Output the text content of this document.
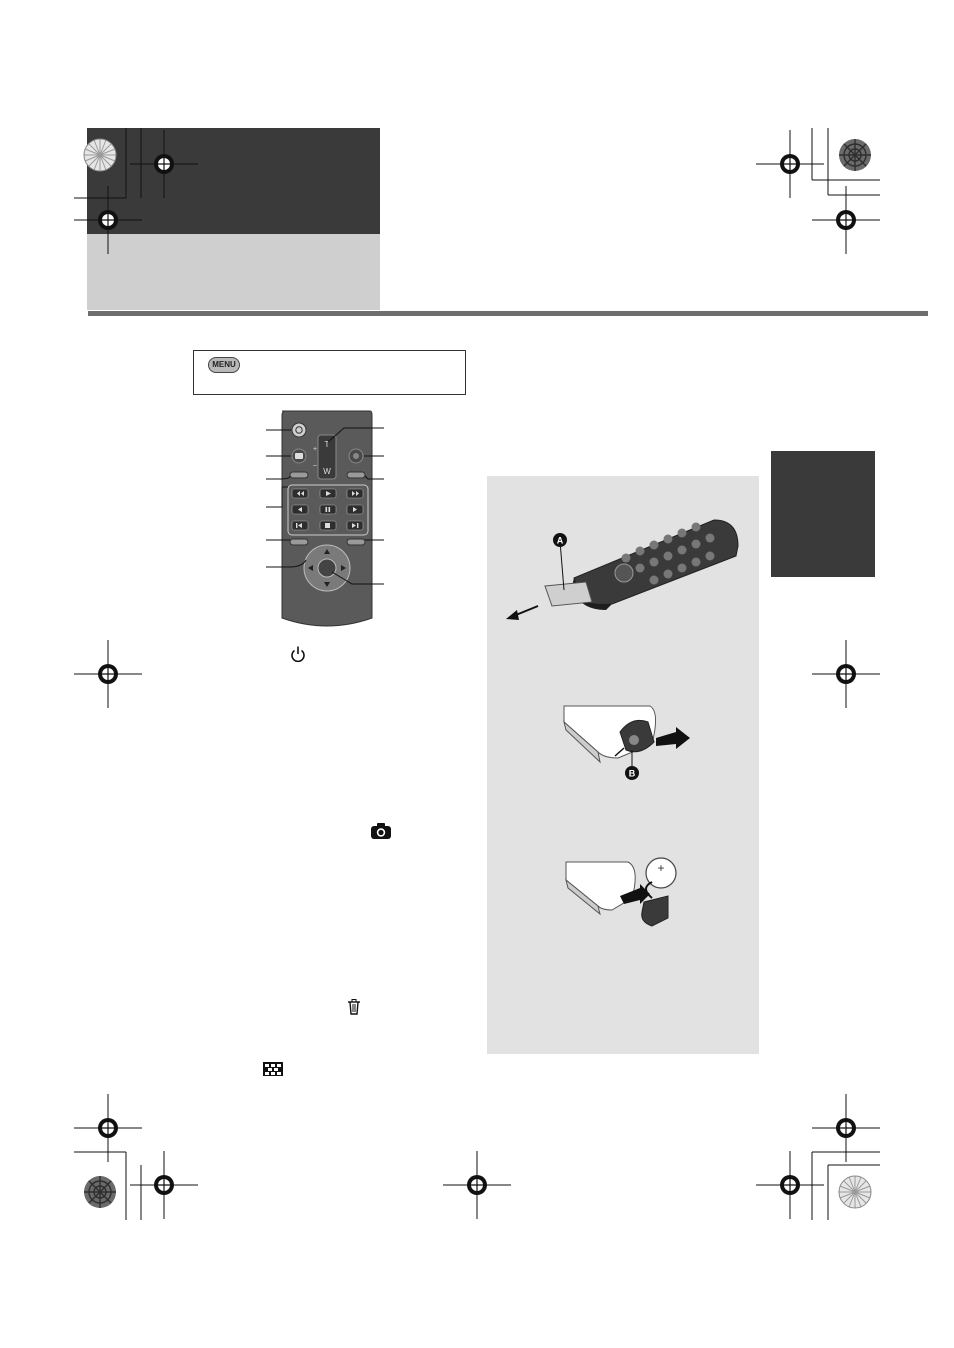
MENU
T
W
+
–
A
B
+
